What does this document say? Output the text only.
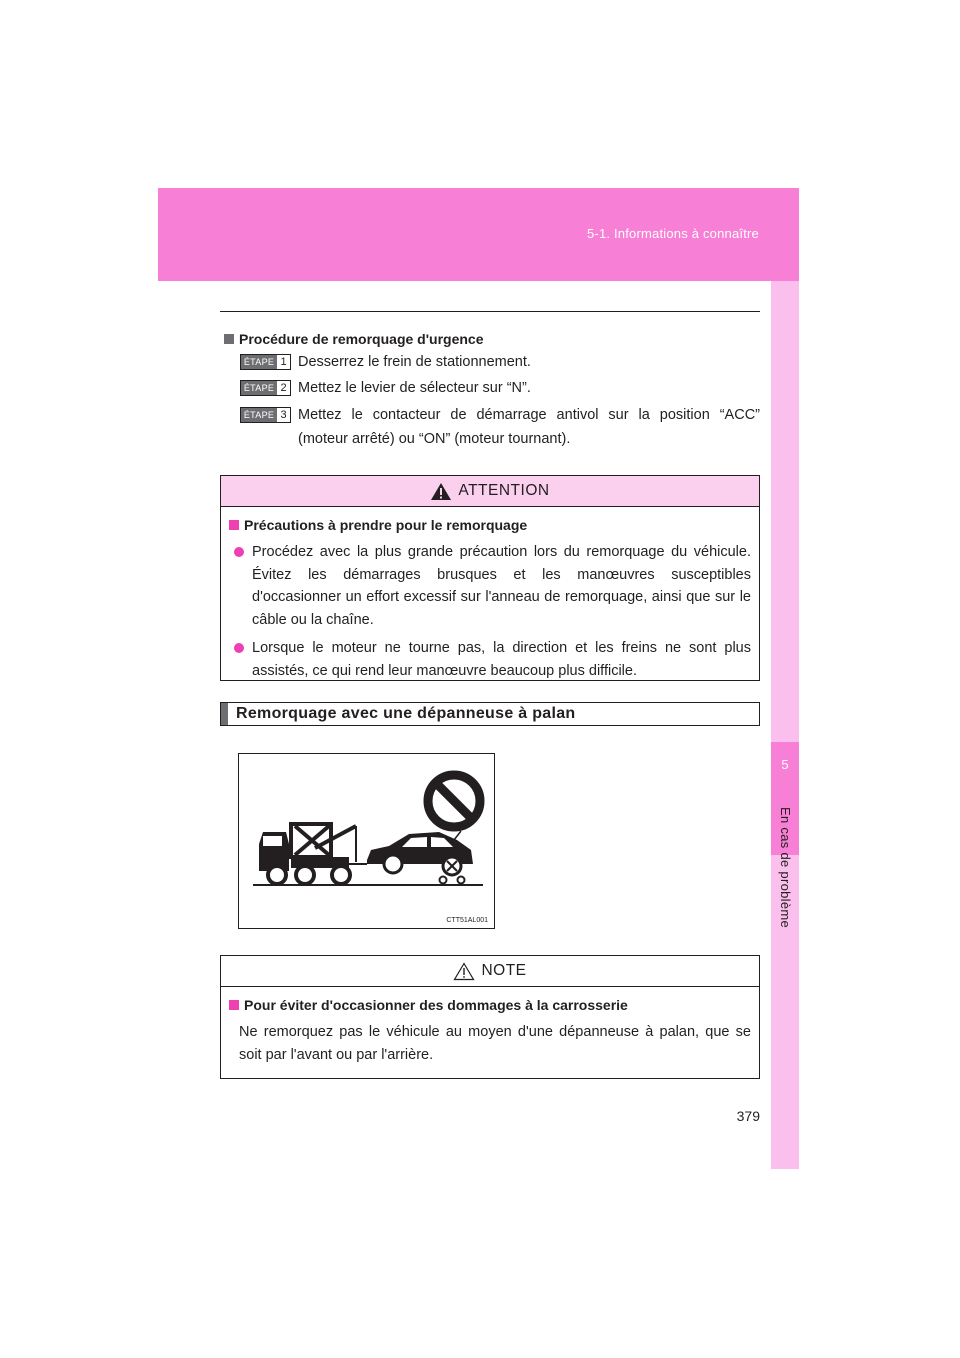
5-1. Informations à connaître
5
En cas de problème
Procédure de remorquage d'urgence
ÉTAPE 1 Desserrez le frein de stationnement.
ÉTAPE 2 Mettez le levier de sélecteur sur “N”.
ÉTAPE 3 Mettez le contacteur de démarrage antivol sur la position “ACC” (moteur arrêté) ou “ON” (moteur tournant).
ATTENTION
Précautions à prendre pour le remorquage
Procédez avec la plus grande précaution lors du remorquage du véhicule. Évitez les démarrages brusques et les manœuvres susceptibles d'occasionner un effort excessif sur l'anneau de remorquage, ainsi que sur le câble ou la chaîne.
Lorsque le moteur ne tourne pas, la direction et les freins ne sont plus assistés, ce qui rend leur manœuvre beaucoup plus difficile.
Remorquage avec une dépanneuse à palan
CTT51AL001
NOTE
Pour éviter d'occasionner des dommages à la carrosserie
Ne remorquez pas le véhicule au moyen d'une dépanneuse à palan, que se soit par l'avant ou par l'arrière.
379
